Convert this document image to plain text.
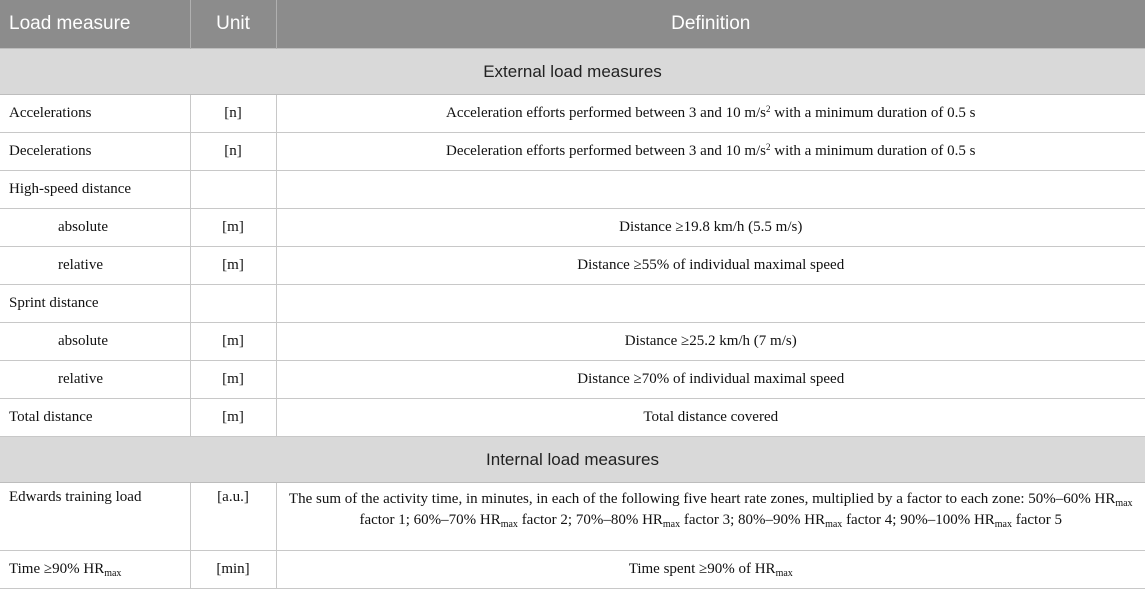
Load measure	Unit	Definition
External load measures		
Accelerations	[n]	Acceleration efforts performed between 3 and 10 $m/s^2$ with a minimum duration of 0.5 s
Decelerations	[n]	Deceleration efforts performed between 3 and 10 $m/s^2$ with a minimum duration of 0.5 s
High-speed distance		
absolute	[m]	Distance ≥19.8 km/h (5.5 m/s)
relative	[m]	Distance ≥55% of individual maximal speed
Sprint distance		
absolute	[m]	Distance ≥25.2 km/h (7 m/s)
relative	[m]	Distance ≥70% of individual maximal speed
Total distance	[m]	Total distance covered
Internal load measures		
Edwards training load	[a.u.]	The sum of the activity time, in minutes, in each of the following five heart rate zones, multiplied by a factor to each zone: 50%–60% $HR_{max}$ factor 1; 60%–70% $HR_{max}$ factor 2; 70%–80% $HR_{max}$ factor 3; 80%–90% $HR_{max}$ factor 4; 90%–100% $HR_{max}$ factor 5
Time ≥90% $HR_{max}$	[min]	Time spent ≥90% of $HR_{max}$
